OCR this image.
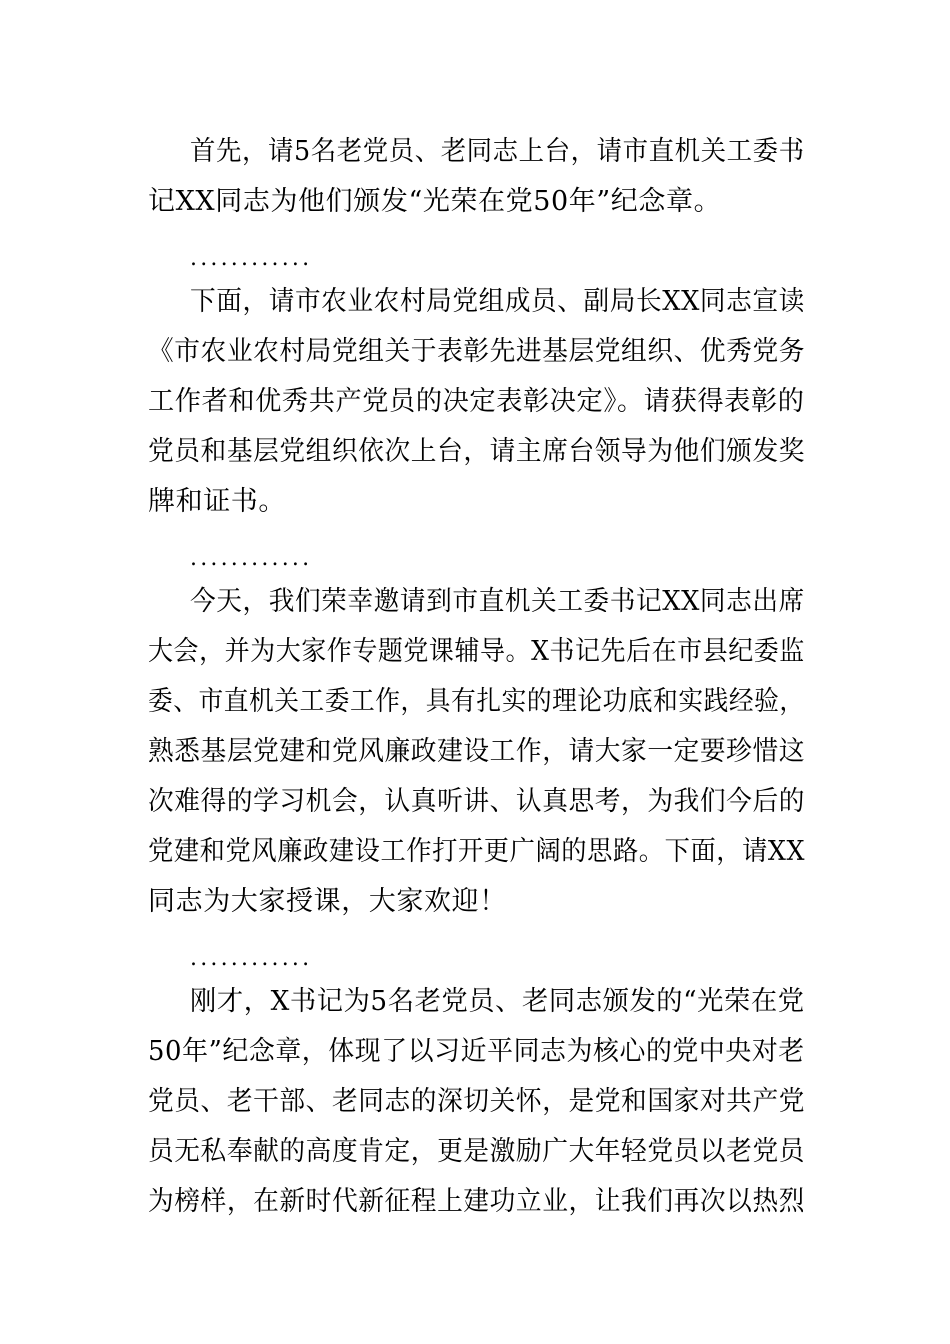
首先，请5名老党员、老同志上台，请市直机关工委书
记XX同志为他们颁发“光荣在党50年”纪念章。
............
下面，请市农业农村局党组成员、副局长XX同志宣读
《市农业农村局党组关于表彰先进基层党组织、优秀党务
工作者和优秀共产党员的决定表彰决定》。请获得表彰的
党员和基层党组织依次上台，请主席台领导为他们颁发奖
牌和证书。
............
今天，我们荣幸邀请到市直机关工委书记XX同志出席
大会，并为大家作专题党课辅导。X书记先后在市县纪委监
委、市直机关工委工作，具有扎实的理论功底和实践经验，
熟悉基层党建和党风廉政建设工作，请大家一定要珍惜这
次难得的学习机会，认真听讲、认真思考，为我们今后的
党建和党风廉政建设工作打开更广阔的思路。下面，请XX
同志为大家授课，大家欢迎！
............
刚才，X书记为5名老党员、老同志颁发的“光荣在党
50年”纪念章，体现了以习近平同志为核心的党中央对老
党员、老干部、老同志的深切关怀，是党和国家对共产党
员无私奉献的高度肯定，更是激励广大年轻党员以老党员
为榜样，在新时代新征程上建功立业，让我们再次以热烈
